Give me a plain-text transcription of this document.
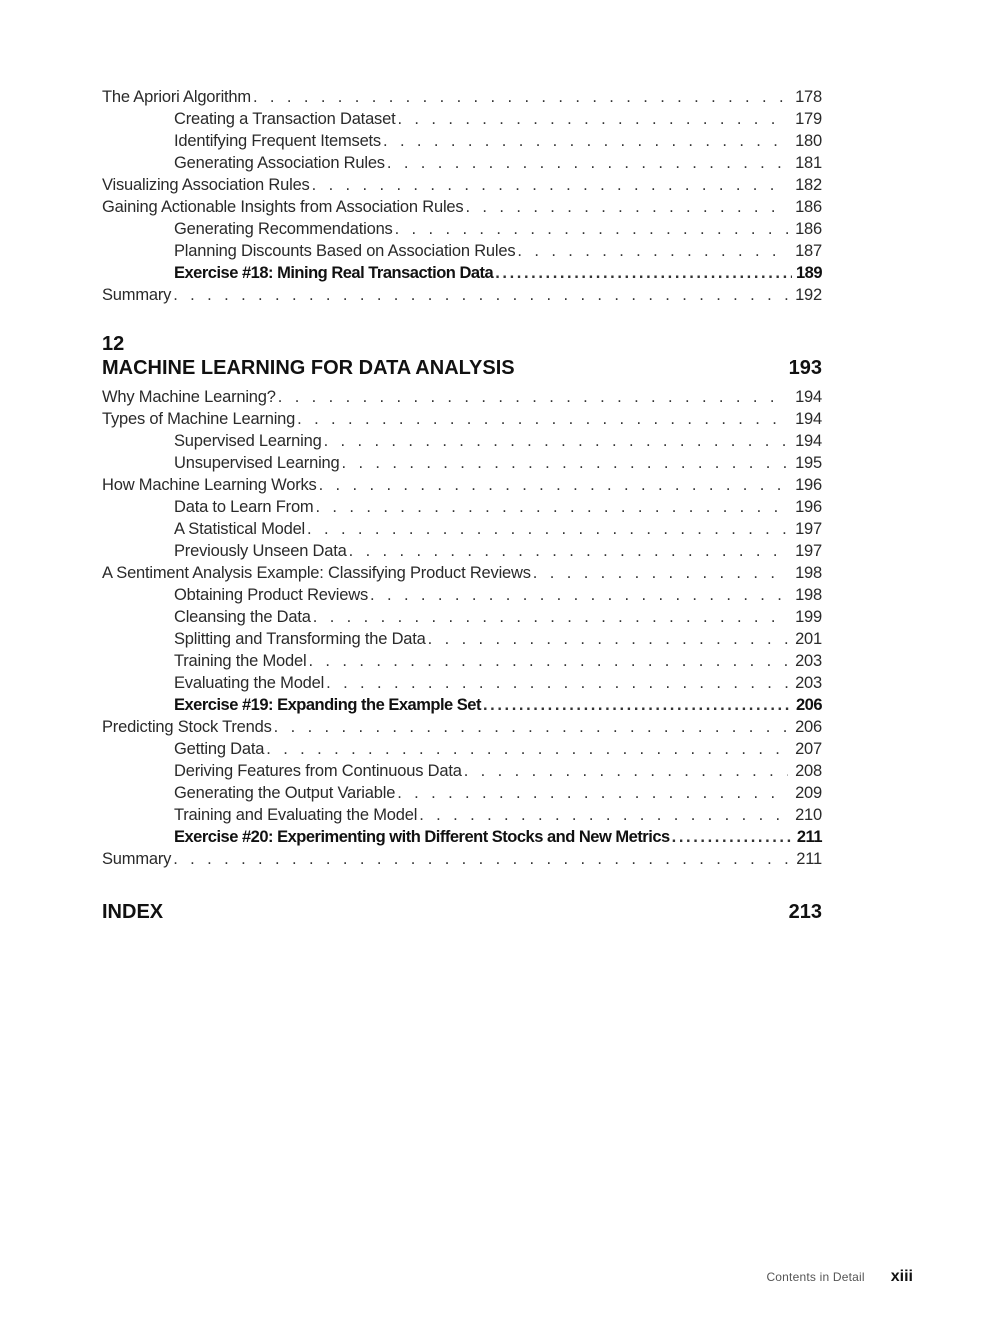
The Apriori Algorithm . . .	178
Creating a Transaction Dataset . . .	179
Identifying Frequent Itemsets . . .	180
Generating Association Rules . . .	181
Visualizing Association Rules . . .	182
Gaining Actionable Insights from Association Rules . . .	186
Generating Recommendations . . .	186
Planning Discounts Based on Association Rules . . .	187
Exercise #18: Mining Real Transaction Data .....	189
Summary . . .	192
12
MACHINE LEARNING FOR DATA ANALYSIS	193
Why Machine Learning? . . .	194
Types of Machine Learning . . .	194
Supervised Learning . . .	194
Unsupervised Learning . . .	195
How Machine Learning Works . . .	196
Data to Learn From . . .	196
A Statistical Model . . .	197
Previously Unseen Data . . .	197
A Sentiment Analysis Example: Classifying Product Reviews . . .	198
Obtaining Product Reviews . . .	198
Cleansing the Data . . .	199
Splitting and Transforming the Data . . .	201
Training the Model . . .	203
Evaluating the Model . . .	203
Exercise #19: Expanding the Example Set .....	206
Predicting Stock Trends . . .	206
Getting Data . . .	207
Deriving Features from Continuous Data . . .	208
Generating the Output Variable . . .	209
Training and Evaluating the Model . . .	210
Exercise #20: Experimenting with Different Stocks and New Metrics .....	211
Summary . . .	211
INDEX	213
Contents in Detail xiii
